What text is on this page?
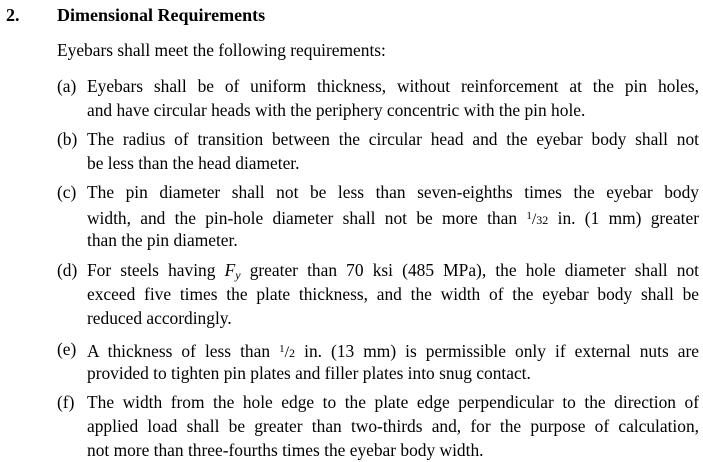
2. Dimensional Requirements
Eyebars shall meet the following requirements:
(a) Eyebars shall be of uniform thickness, without reinforcement at the pin holes,
and have circular heads with the periphery concentric with the pin hole.
(b) The radius of transition between the circular head and the eyebar body shall not
be less than the head diameter.
(c) The pin diameter shall not be less than seven-eighths times the eyebar body
width, and the pin-hole diameter shall not be more than $^1$/32 in. (1 mm) greater
than the pin diameter.
(d) For steels having $F_y$ greater than 70 ksi (485 MPa), the hole diameter shall not
exceed five times the plate thickness, and the width of the eyebar body shall be
reduced accordingly.
(e) A thickness of less than $^1$/2 in. (13 mm) is permissible only if external nuts are
provided to tighten pin plates and filler plates into snug contact.
(f) The width from the hole edge to the plate edge perpendicular to the direction of
applied load shall be greater than two-thirds and, for the purpose of calculation,
not more than three-fourths times the eyebar body width.
